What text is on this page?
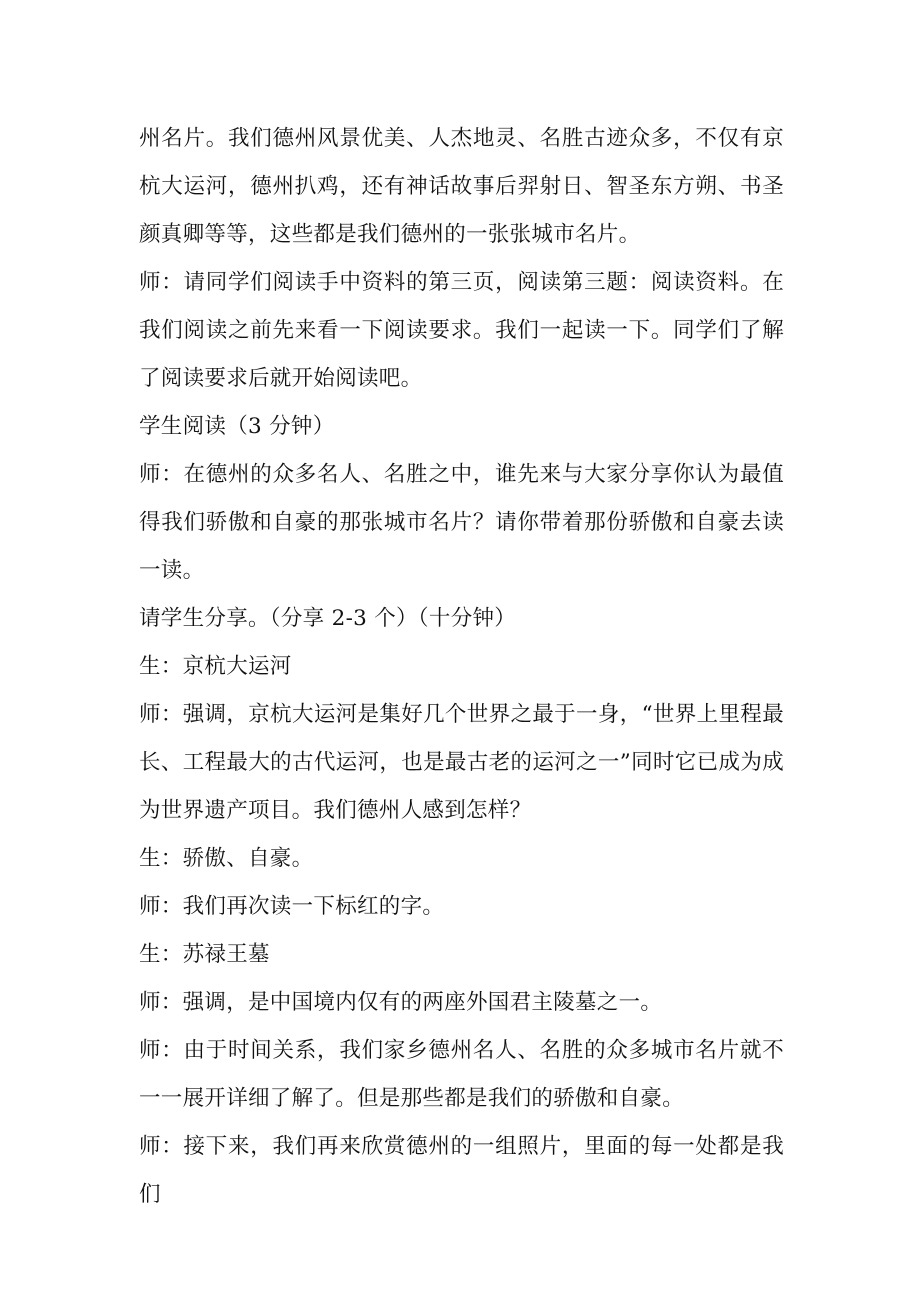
州名片。我们德州风景优美、人杰地灵、名胜古迹众多，不仅有京杭大运河，德州扒鸡，还有神话故事后羿射日、智圣东方朔、书圣颜真卿等等，这些都是我们德州的一张张城市名片。

师：请同学们阅读手中资料的第三页，阅读第三题：阅读资料。在我们阅读之前先来看一下阅读要求。我们一起读一下。同学们了解了阅读要求后就开始阅读吧。

学生阅读（3 分钟）

师：在德州的众多名人、名胜之中，谁先来与大家分享你认为最值得我们骄傲和自豪的那张城市名片？请你带着那份骄傲和自豪去读一读。

请学生分享。（分享 2-3 个）（十分钟）

生：京杭大运河

师：强调，京杭大运河是集好几个世界之最于一身，“世界上里程最长、工程最大的古代运河，也是最古老的运河之一”同时它已成为成为世界遗产项目。我们德州人感到怎样？

生：骄傲、自豪。

师：我们再次读一下标红的字。

生：苏禄王墓

师：强调，是中国境内仅有的两座外国君主陵墓之一。

师：由于时间关系，我们家乡德州名人、名胜的众多城市名片就不一一展开详细了解了。但是那些都是我们的骄傲和自豪。

师：接下来，我们再来欣赏德州的一组照片，里面的每一处都是我们
